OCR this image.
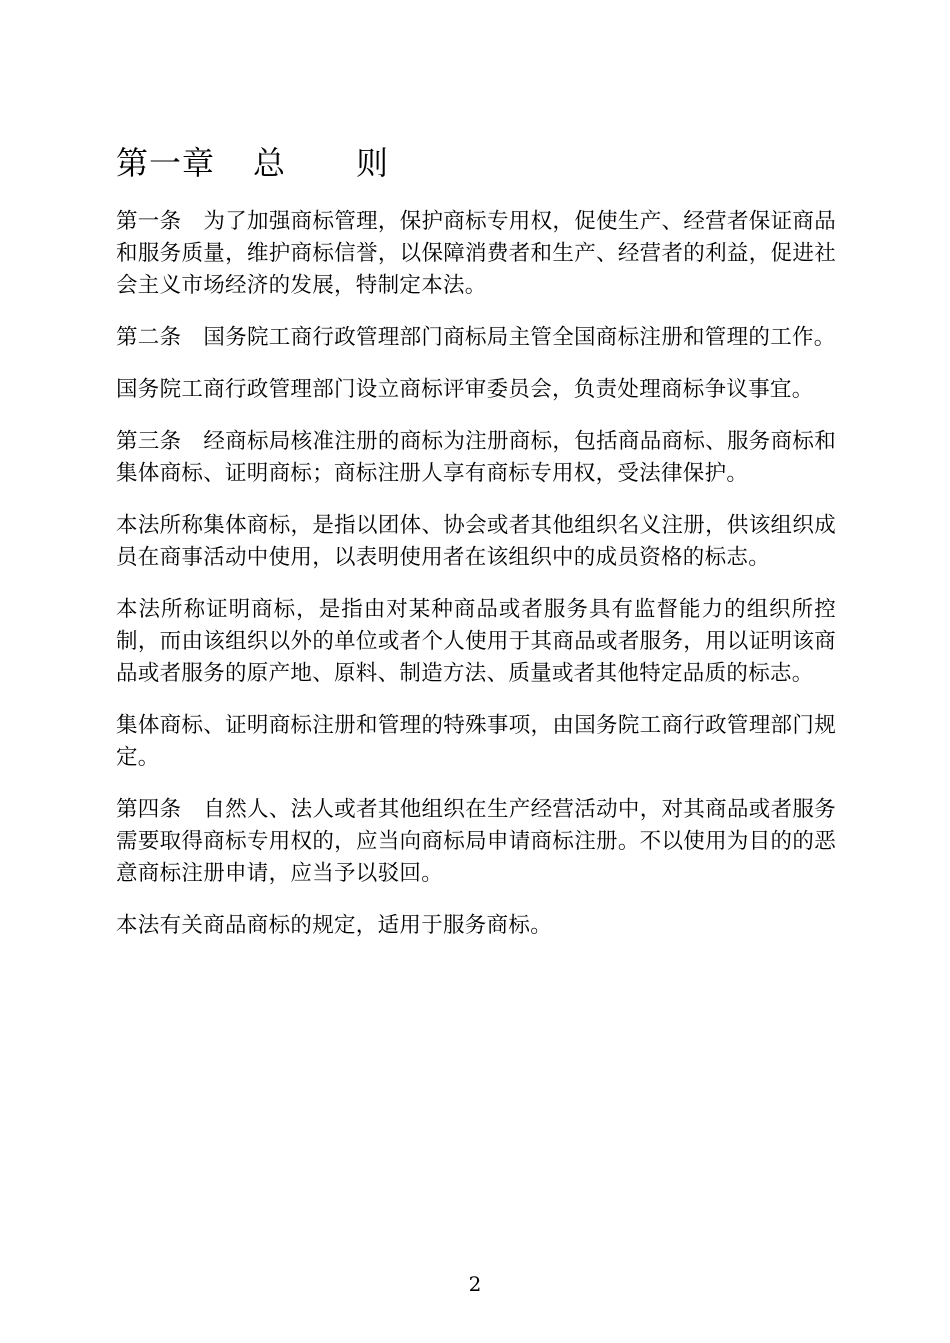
第一章 总 则

第一条 为了加强商标管理，保护商标专用权，促使生产、经营者保证商品和服务质量，维护商标信誉，以保障消费者和生产、经营者的利益，促进社会主义市场经济的发展，特制定本法。

第二条 国务院工商行政管理部门商标局主管全国商标注册和管理的工作。

国务院工商行政管理部门设立商标评审委员会，负责处理商标争议事宜。

第三条 经商标局核准注册的商标为注册商标，包括商品商标、服务商标和集体商标、证明商标；商标注册人享有商标专用权，受法律保护。

本法所称集体商标，是指以团体、协会或者其他组织名义注册，供该组织成员在商事活动中使用，以表明使用者在该组织中的成员资格的标志。

本法所称证明商标，是指由对某种商品或者服务具有监督能力的组织所控制，而由该组织以外的单位或者个人使用于其商品或者服务，用以证明该商品或者服务的原产地、原料、制造方法、质量或者其他特定品质的标志。

集体商标、证明商标注册和管理的特殊事项，由国务院工商行政管理部门规定。

第四条 自然人、法人或者其他组织在生产经营活动中，对其商品或者服务需要取得商标专用权的，应当向商标局申请商标注册。不以使用为目的的恶意商标注册申请，应当予以驳回。

本法有关商品商标的规定，适用于服务商标。

2
